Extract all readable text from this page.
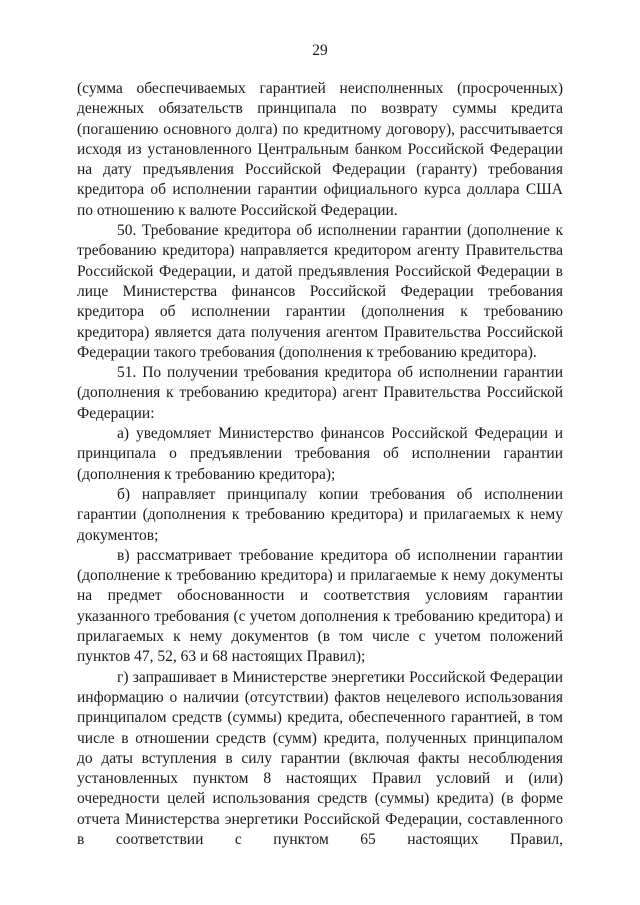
29

(сумма обеспечиваемых гарантией неисполненных (просроченных) денежных обязательств принципала по возврату суммы кредита (погашению основного долга) по кредитному договору), рассчитывается исходя из установленного Центральным банком Российской Федерации на дату предъявления Российской Федерации (гаранту) требования кредитора об исполнении гарантии официального курса доллара США по отношению к валюте Российской Федерации.

50. Требование кредитора об исполнении гарантии (дополнение к требованию кредитора) направляется кредитором агенту Правительства Российской Федерации, и датой предъявления Российской Федерации в лице Министерства финансов Российской Федерации требования кредитора об исполнении гарантии (дополнения к требованию кредитора) является дата получения агентом Правительства Российской Федерации такого требования (дополнения к требованию кредитора).

51. По получении требования кредитора об исполнении гарантии (дополнения к требованию кредитора) агент Правительства Российской Федерации:

а) уведомляет Министерство финансов Российской Федерации и принципала о предъявлении требования об исполнении гарантии (дополнения к требованию кредитора);

б) направляет принципалу копии требования об исполнении гарантии (дополнения к требованию кредитора) и прилагаемых к нему документов;

в) рассматривает требование кредитора об исполнении гарантии (дополнение к требованию кредитора) и прилагаемые к нему документы на предмет обоснованности и соответствия условиям гарантии указанного требования (с учетом дополнения к требованию кредитора) и прилагаемых к нему документов (в том числе с учетом положений пунктов 47, 52, 63 и 68 настоящих Правил);

г) запрашивает в Министерстве энергетики Российской Федерации информацию о наличии (отсутствии) фактов нецелевого использования принципалом средств (суммы) кредита, обеспеченного гарантией, в том числе в отношении средств (сумм) кредита, полученных принципалом до даты вступления в силу гарантии (включая факты несоблюдения установленных пунктом 8 настоящих Правил условий и (или) очередности целей использования средств (суммы) кредита) (в форме отчета Министерства энергетики Российской Федерации, составленного в соответствии с пунктом 65 настоящих Правил,
